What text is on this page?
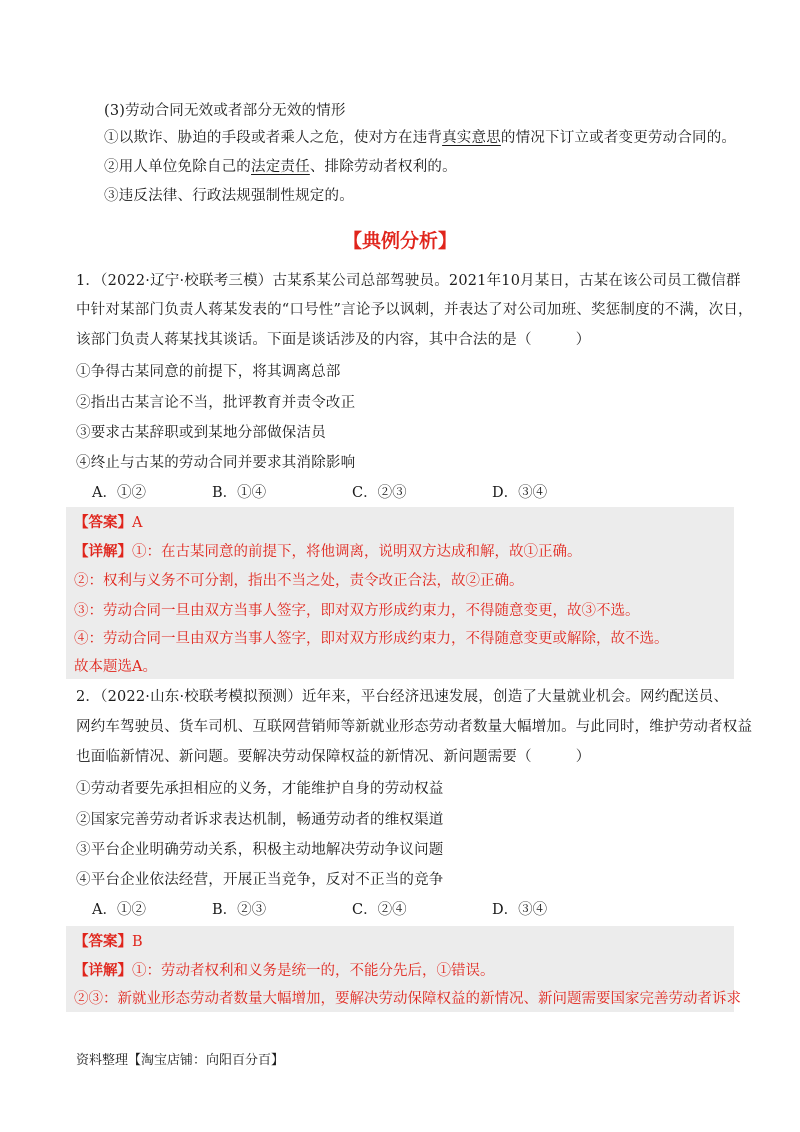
(3)劳动合同无效或者部分无效的情形
①以欺诈、胁迫的手段或者乘人之危，使对方在违背真实意思的情况下订立或者变更劳动合同的。
②用人单位免除自己的法定责任、排除劳动者权利的。
③违反法律、行政法规强制性规定的。
【典例分析】
1．（2022·辽宁·校联考三模）古某系某公司总部驾驶员。2021年10月某日，古某在该公司员工微信群
中针对某部门负责人蒋某发表的“口号性”言论予以讽刺，并表达了对公司加班、奖惩制度的不满，次日，
该部门负责人蒋某找其谈话。下面是谈话涉及的内容，其中合法的是（　　　）
①争得古某同意的前提下，将其调离总部
②指出古某言论不当，批评教育并责令改正
③要求古某辞职或到某地分部做保洁员
④终止与古某的劳动合同并要求其消除影响
A．①②	B．①④	C．②③	D．③④
【答案】A
【详解】①：在古某同意的前提下，将他调离，说明双方达成和解，故①正确。
②：权利与义务不可分割，指出不当之处，责令改正合法，故②正确。
③：劳动合同一旦由双方当事人签字，即对双方形成约束力，不得随意变更，故③不选。
④：劳动合同一旦由双方当事人签字，即对双方形成约束力，不得随意变更或解除，故不选。
故本题选A。
2．（2022·山东·校联考模拟预测）近年来，平台经济迅速发展，创造了大量就业机会。网约配送员、
网约车驾驶员、货车司机、互联网营销师等新就业形态劳动者数量大幅增加。与此同时，维护劳动者权益
也面临新情况、新问题。要解决劳动保障权益的新情况、新问题需要（　　　）
①劳动者要先承担相应的义务，才能维护自身的劳动权益
②国家完善劳动者诉求表达机制，畅通劳动者的维权渠道
③平台企业明确劳动关系，积极主动地解决劳动争议问题
④平台企业依法经营，开展正当竞争，反对不正当的竞争
A．①②	B．②③	C．②④	D．③④
【答案】B
【详解】①：劳动者权利和义务是统一的，不能分先后，①错误。
②③：新就业形态劳动者数量大幅增加，要解决劳动保障权益的新情况、新问题需要国家完善劳动者诉求
资料整理【淘宝店铺：向阳百分百】
